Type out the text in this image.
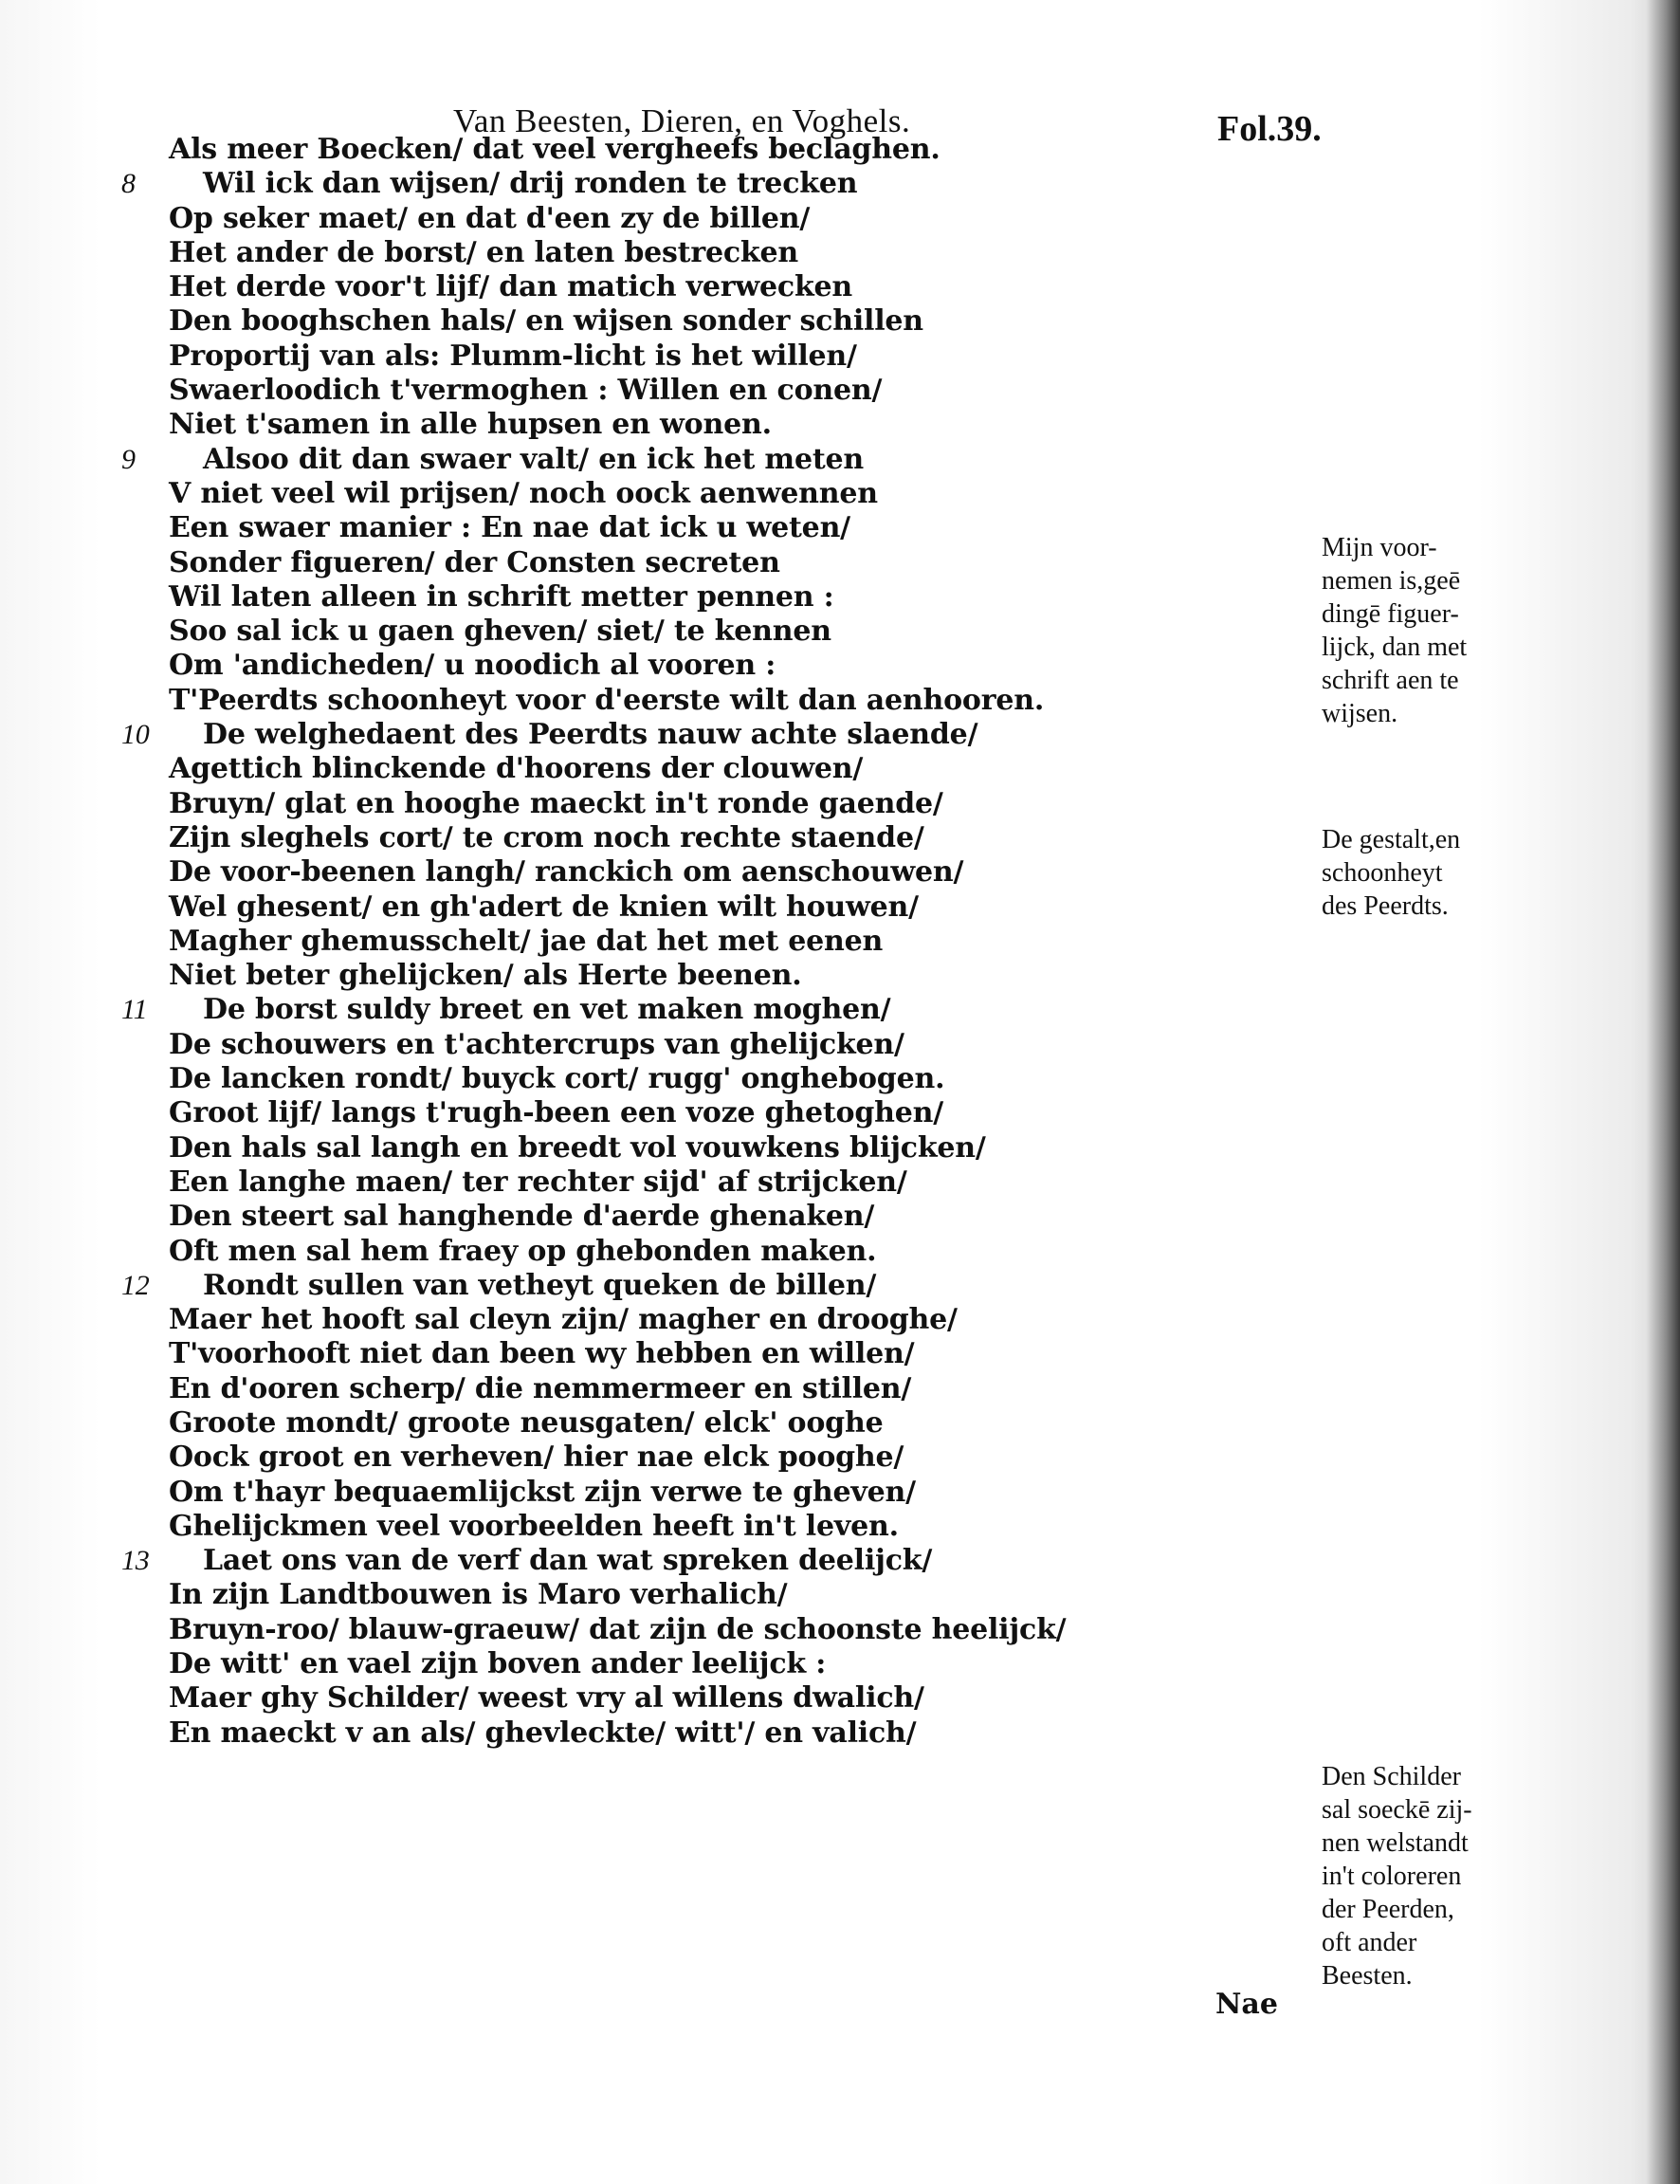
Van Beesten, Dieren, en Voghels.	Fol.39.
Als meer Boecken/ dat veel vergheefs beclaghen.
8	Wil ick dan wijsen/ drij ronden te trecken
Op seker maet/ en dat d'een zy de billen/
Het ander de borst/ en laten bestrecken
Het derde voor't lijf/ dan matich verwecken
Den booghschen hals/ en wijsen sonder schillen
Proportij van als: Plumm-licht is het willen/
Swaerloodich t'vermoghen : Willen en conen/
Niet t'samen in alle hupsen en wonen.
9	Alsoo dit dan swaer valt/ en ick het meten
V niet veel wil prijsen/ noch oock aenwennen
Een swaer manier : En nae dat ick u weten/
Sonder figueren/ der Consten secreten
Wil laten alleen in schrift metter pennen :
Soo sal ick u gaen gheven/ siet/ te kennen
Om 'andicheden/ u noodich al vooren :
T'Peerdts schoonheyt voor d'eerste wilt dan aenhooren.
10	De welghedaent des Peerdts nauw achte slaende/
Agettich blinckende d'hoorens der clouwen/
Bruyn/ glat en hooghe maeckt in't ronde gaende/
Zijn sleghels cort/ te crom noch rechte staende/
De voor-beenen langh/ ranckich om aenschouwen/
Wel ghesent/ en gh'adert de knien wilt houwen/
Magher ghemusschelt/ jae dat het met eenen
Niet beter ghelijcken/ als Herte beenen.
11	De borst suldy breet en vet maken moghen/
De schouwers en t'achtercrups van ghelijcken/
De lancken rondt/ buyck cort/ rugg' onghebogen.
Groot lijf/ langs t'rugh-been een voze ghetoghen/
Den hals sal langh en breedt vol vouwkens blijcken/
Een langhe maen/ ter rechter sijd' af strijcken/
Den steert sal hanghende d'aerde ghenaken/
Oft men sal hem fraey op ghebonden maken.
12	Rondt sullen van vetheyt queken de billen/
Maer het hooft sal cleyn zijn/ magher en drooghe/
T'voorhooft niet dan been wy hebben en willen/
En d'ooren scherp/ die nemmermeer en stillen/
Groote mondt/ groote neusgaten/ elck' ooghe
Oock groot en verheven/ hier nae elck pooghe/
Om t'hayr bequaemlijckst zijn verwe te gheven/
Ghelijckmen veel voorbeelden heeft in't leven.
13	Laet ons van de verf dan wat spreken deelijck/
In zijn Landtbouwen is Maro verhalich/
Bruyn-roo/ blauw-graeuw/ dat zijn de schoonste heelijck/
De witt' en vael zijn boven ander leelijck :
Maer ghy Schilder/ weest vry al willens dwalich/
En maeckt v an als/ ghevleckte/ witt'/ en valich/
Mijn voor-
nemen is,geē
dingē figuer-
lijck, dan met
schrift aen te
wijsen.
De gestalt,en
schoonheyt
des Peerdts.
Den Schilder
sal soeckē zij-
nen welstandt
in't coloreren
der Peerden,
oft ander
Beesten.
Nae
